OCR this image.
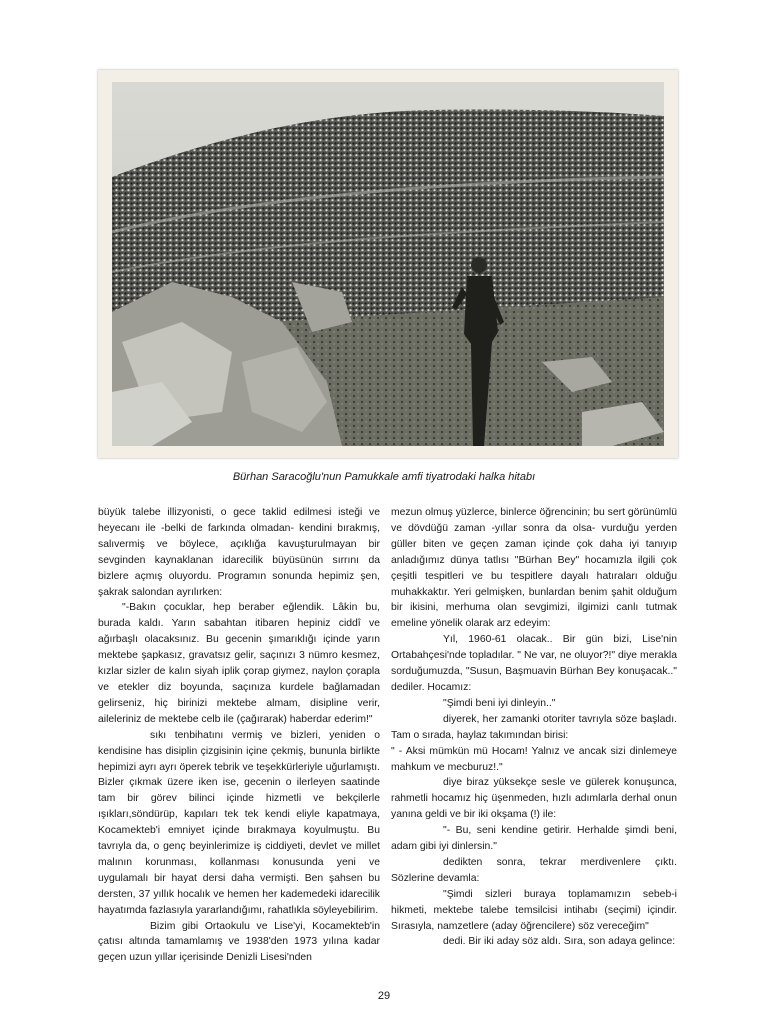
Bürhan Saracoğlu'nun Pamukkale amfi tiyatrodaki halka hitabı

büyük talebe illizyonisti, o gece taklid edilmesi isteği ve heyecanı ile -belki de farkında olmadan- kendini bırakmış, salıvermiş ve böylece, açıklığa kavuşturulmayan bir sevginden kaynaklanan idarecilik büyüsünün sırrını da bizlere açmış oluyordu. Programın sonunda hepimiz şen, şakrak salondan ayrılırken:

"-Bakın çocuklar, hep beraber eğlendik. Lâkin bu, burada kaldı. Yarın sabahtan itibaren hepiniz ciddî ve ağırbaşlı olacaksınız. Bu gecenin şımarıklığı içinde yarın mektebe şapkasız, gravatsız gelir, saçınızı 3 nümro kesmez, kızlar sizler de kalın siyah iplik çorap giymez, naylon çorapla ve etekler diz boyunda, saçınıza kurdele bağlamadan gelirseniz, hiç birinizi mektebe almam, disipline verir, aileleriniz de mektebe celb ile (çağırarak) haberdar ederim!"

sıkı tenbihatını vermiş ve bizleri, yeniden o kendisine has disiplin çizgisinin içine çekmiş, bununla birlikte hepimizi ayrı ayrı öperek tebrik ve teşekkürleriyle uğurlamıştı. Bizler çıkmak üzere iken ise, gecenin o ilerleyen saatinde tam bir görev bilinci içinde hizmetli ve bekçilerle ışıkları,söndürüp, kapıları tek tek kendi eliyle kapatmaya, Kocamekteb'i emniyet içinde bırakmaya koyulmuştu. Bu tavrıyla da, o genç beyinlerimize iş ciddiyeti, devlet ve millet malının korunması, kollanması konusunda yeni ve uygulamalı bir hayat dersi daha vermişti. Ben şahsen bu dersten, 37 yıllık hocalık ve hemen her kademedeki idarecilik hayatımda fazlasıyla yararlandığımı, rahatlıkla söyleyebilirim.

Bizim gibi Ortaokulu ve Lise'yi, Kocamekteb'in çatısı altında tamamlamış ve 1938'den 1973 yılına kadar geçen uzun yıllar içerisinde Denizli Lisesi'nden

mezun olmuş yüzlerce, binlerce öğrencinin; bu sert görünümlü ve dövdüğü zaman -yıllar sonra da olsa- vurduğu yerden güller biten ve geçen zaman içinde çok daha iyi tanıyıp anladığımız dünya tatlısı "Bürhan Bey" hocamızla ilgili çok çeşitli tespitleri ve bu tespitlere dayalı hatıraları olduğu muhakkaktır. Yeri gelmişken, bunlardan benim şahit olduğum bir ikisini, merhuma olan sevgimizi, ilgimizi canlı tutmak emeline yönelik olarak arz edeyim:

Yıl, 1960-61 olacak.. Bir gün bizi, Lise'nin Ortabahçesi'nde topladılar. " Ne var, ne oluyor?!" diye merakla sorduğumuzda, "Susun, Başmuavin Bürhan Bey konuşacak.." dediler. Hocamız:

"Şimdi beni iyi dinleyin.."

diyerek, her zamanki otoriter tavrıyla söze başladı. Tam o sırada, haylaz takımından birisi:

" - Aksi mümkün mü Hocam! Yalnız ve ancak sizi dinlemeye mahkum ve mecburuz!."

diye biraz yüksekçe sesle ve gülerek konuşunca, rahmetli hocamız hiç üşenmeden, hızlı adımlarla derhal onun yanına geldi ve bir iki okşama (!) ile:

"- Bu, seni kendine getirir. Herhalde şimdi beni, adam gibi iyi dinlersin."

dedikten sonra, tekrar merdivenlere çıktı. Sözlerine devamla:

"Şimdi sizleri buraya toplamamızın sebeb-i hikmeti, mektebe talebe temsilcisi intihabı (seçimi) içindir. Sırasıyla, namzetlere (aday öğrencilere) söz vereceğim"

dedi. Bir iki aday söz aldı. Sıra, son adaya gelince:

29
